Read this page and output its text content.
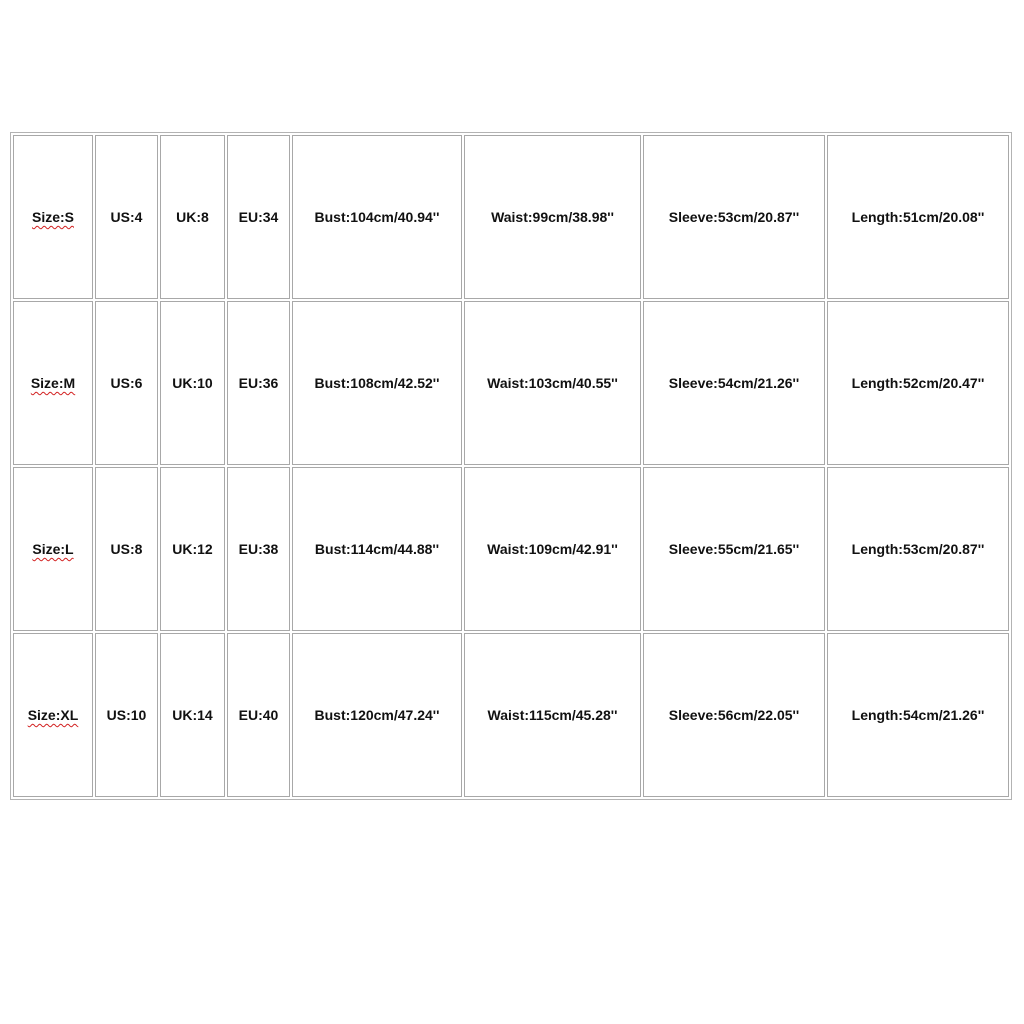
Size:S	US:4	UK:8	EU:34	Bust:104cm/40.94''	Waist:99cm/38.98''	Sleeve:53cm/20.87''	Length:51cm/20.08''
Size:M	US:6	UK:10	EU:36	Bust:108cm/42.52''	Waist:103cm/40.55''	Sleeve:54cm/21.26''	Length:52cm/20.47''
Size:L	US:8	UK:12	EU:38	Bust:114cm/44.88''	Waist:109cm/42.91''	Sleeve:55cm/21.65''	Length:53cm/20.87''
Size:XL	US:10	UK:14	EU:40	Bust:120cm/47.24''	Waist:115cm/45.28''	Sleeve:56cm/22.05''	Length:54cm/21.26''
